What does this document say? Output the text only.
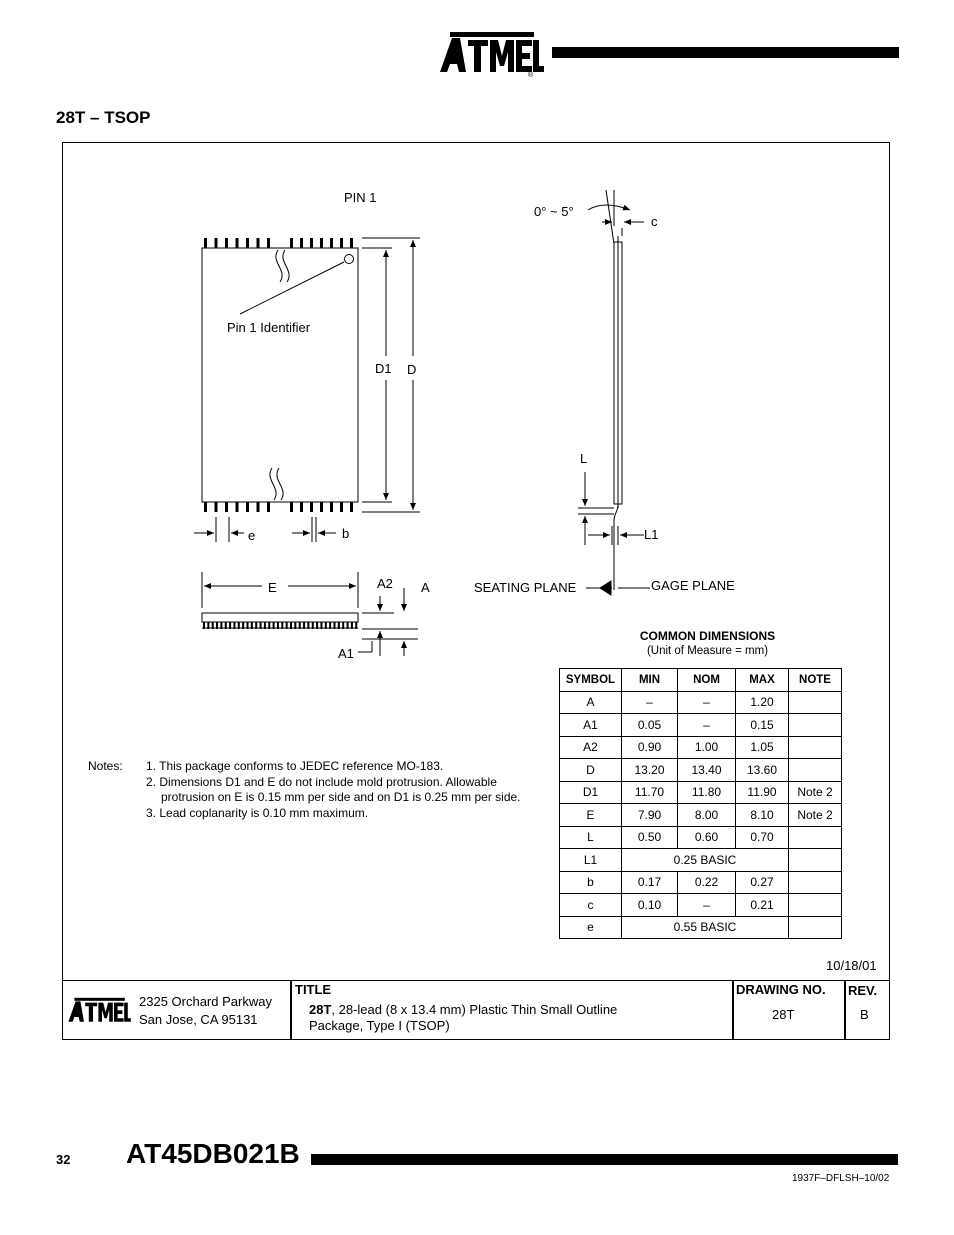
®
28T – TSOP
PIN 1
Pin 1 Identifier
D1 D
e	b
E	A2 A
A1
0° ~ 5°
c
L
L1
SEATING PLANE	GAGE PLANE
Notes: 1. This package conforms to JEDEC reference MO-183.
2. Dimensions D1 and E do not include mold protrusion. Allowable
protrusion on E is 0.15 mm per side and on D1 is 0.25 mm per side.
3. Lead coplanarity is 0.10 mm maximum.
COMMON DIMENSIONS
(Unit of Measure = mm)
SYMBOL	MIN	NOM	MAX	NOTE
A	–	–	1.20	
A1	0.05	–	0.15	
A2	0.90	1.00	1.05	
D	13.20	13.40	13.60	
D1	11.70	11.80	11.90	Note 2
E	7.90	8.00	8.10	Note 2
L	0.50	0.60	0.70	
L1	0.25 BASIC			
b	0.17	0.22	0.27	
c	0.10	–	0.21	
e	0.55 BASIC			
10/18/01
2325 Orchard Parkway
San Jose, CA 95131
TITLE
28T, 28-lead (8 x 13.4 mm) Plastic Thin Small Outline
Package, Type I (TSOP)
DRAWING NO.
28T
REV.
B
32 AT45DB021B
1937F–DFLSH–10/02
